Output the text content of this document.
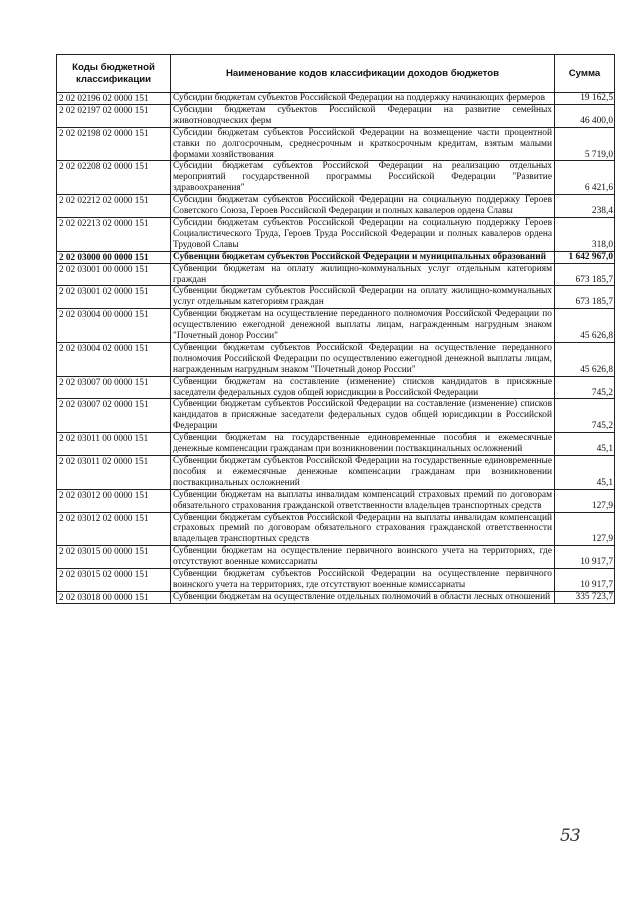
Коды бюджетной классификации	Наименование кодов классификации доходов бюджетов	Сумма
2 02 02196 02 0000 151	Субсидии бюджетам субъектов Российской Федерации на поддержку начинающих фермеров	19 162,5
2 02 02197 02 0000 151	Субсидии бюджетам субъектов Российской Федерации на развитие семейных животноводческих ферм	46 400,0
2 02 02198 02 0000 151	Субсидии бюджетам субъектов Российской Федерации на возмещение части процентной ставки по долгосрочным, среднесрочным и краткосрочным кредитам, взятым малыми формами хозяйствования	5 719,0
2 02 02208 02 0000 151	Субсидии бюджетам субъектов Российской Федерации на реализацию отдельных мероприятий государственной программы Российской Федерации "Развитие здравоохранения"	6 421,6
2 02 02212 02 0000 151	Субсидии бюджетам субъектов Российской Федерации на социальную поддержку Героев Советского Союза, Героев Российской Федерации и полных кавалеров ордена Славы	238,4
2 02 02213 02 0000 151	Субсидии бюджетам субъектов Российской Федерации на социальную поддержку Героев Социалистического Труда, Героев Труда Российской Федерации и полных кавалеров ордена Трудовой Славы	318,0
2 02 03000 00 0000 151	Субвенции бюджетам субъектов Российской Федерации и муниципальных образований	1 642 967,0
2 02 03001 00 0000 151	Субвенции бюджетам на оплату жилищно-коммунальных услуг отдельным категориям граждан	673 185,7
2 02 03001 02 0000 151	Субвенции бюджетам субъектов Российской Федерации на оплату жилищно-коммунальных услуг отдельным категориям граждан	673 185,7
2 02 03004 00 0000 151	Субвенции бюджетам на осуществление переданного полномочия Российской Федерации по осуществлению ежегодной денежной выплаты лицам, награжденным нагрудным знаком "Почетный донор России"	45 626,8
2 02 03004 02 0000 151	Субвенции бюджетам субъектов Российской Федерации на осуществление переданного полномочия Российской Федерации по осуществлению ежегодной денежной выплаты лицам, награжденным нагрудным знаком "Почетный донор России"	45 626,8
2 02 03007 00 0000 151	Субвенции бюджетам на составление (изменение) списков кандидатов в присяжные заседатели федеральных судов общей юрисдикции в Российской Федерации	745,2
2 02 03007 02 0000 151	Субвенции бюджетам субъектов Российской Федерации на составление (изменение) списков кандидатов в присяжные заседатели федеральных судов общей юрисдикции в Российской Федерации	745,2
2 02 03011 00 0000 151	Субвенции бюджетам на государственные единовременные пособия и ежемесячные денежные компенсации гражданам при возникновении поствакцинальных осложнений	45,1
2 02 03011 02 0000 151	Субвенции бюджетам субъектов Российской Федерации на государственные единовременные пособия и ежемесячные денежные компенсации гражданам при возникновении поствакцинальных осложнений	45,1
2 02 03012 00 0000 151	Субвенции бюджетам на выплаты инвалидам компенсаций страховых премий по договорам обязательного страхования гражданской ответственности владельцев транспортных средств	127,9
2 02 03012 02 0000 151	Субвенции бюджетам субъектов Российской Федерации на выплаты инвалидам компенсаций страховых премий по договорам обязательного страхования гражданской ответственности владельцев транспортных средств	127,9
2 02 03015 00 0000 151	Субвенции бюджетам на осуществление первичного воинского учета на территориях, где отсутствуют военные комиссариаты	10 917,7
2 02 03015 02 0000 151	Субвенции бюджетам субъектов Российской Федерации на осуществление первичного воинского учета на территориях, где отсутствуют военные комиссариаты	10 917,7
2 02 03018 00 0000 151	Субвенции бюджетам на осуществление отдельных полномочий в области лесных отношений	335 723,7
53
